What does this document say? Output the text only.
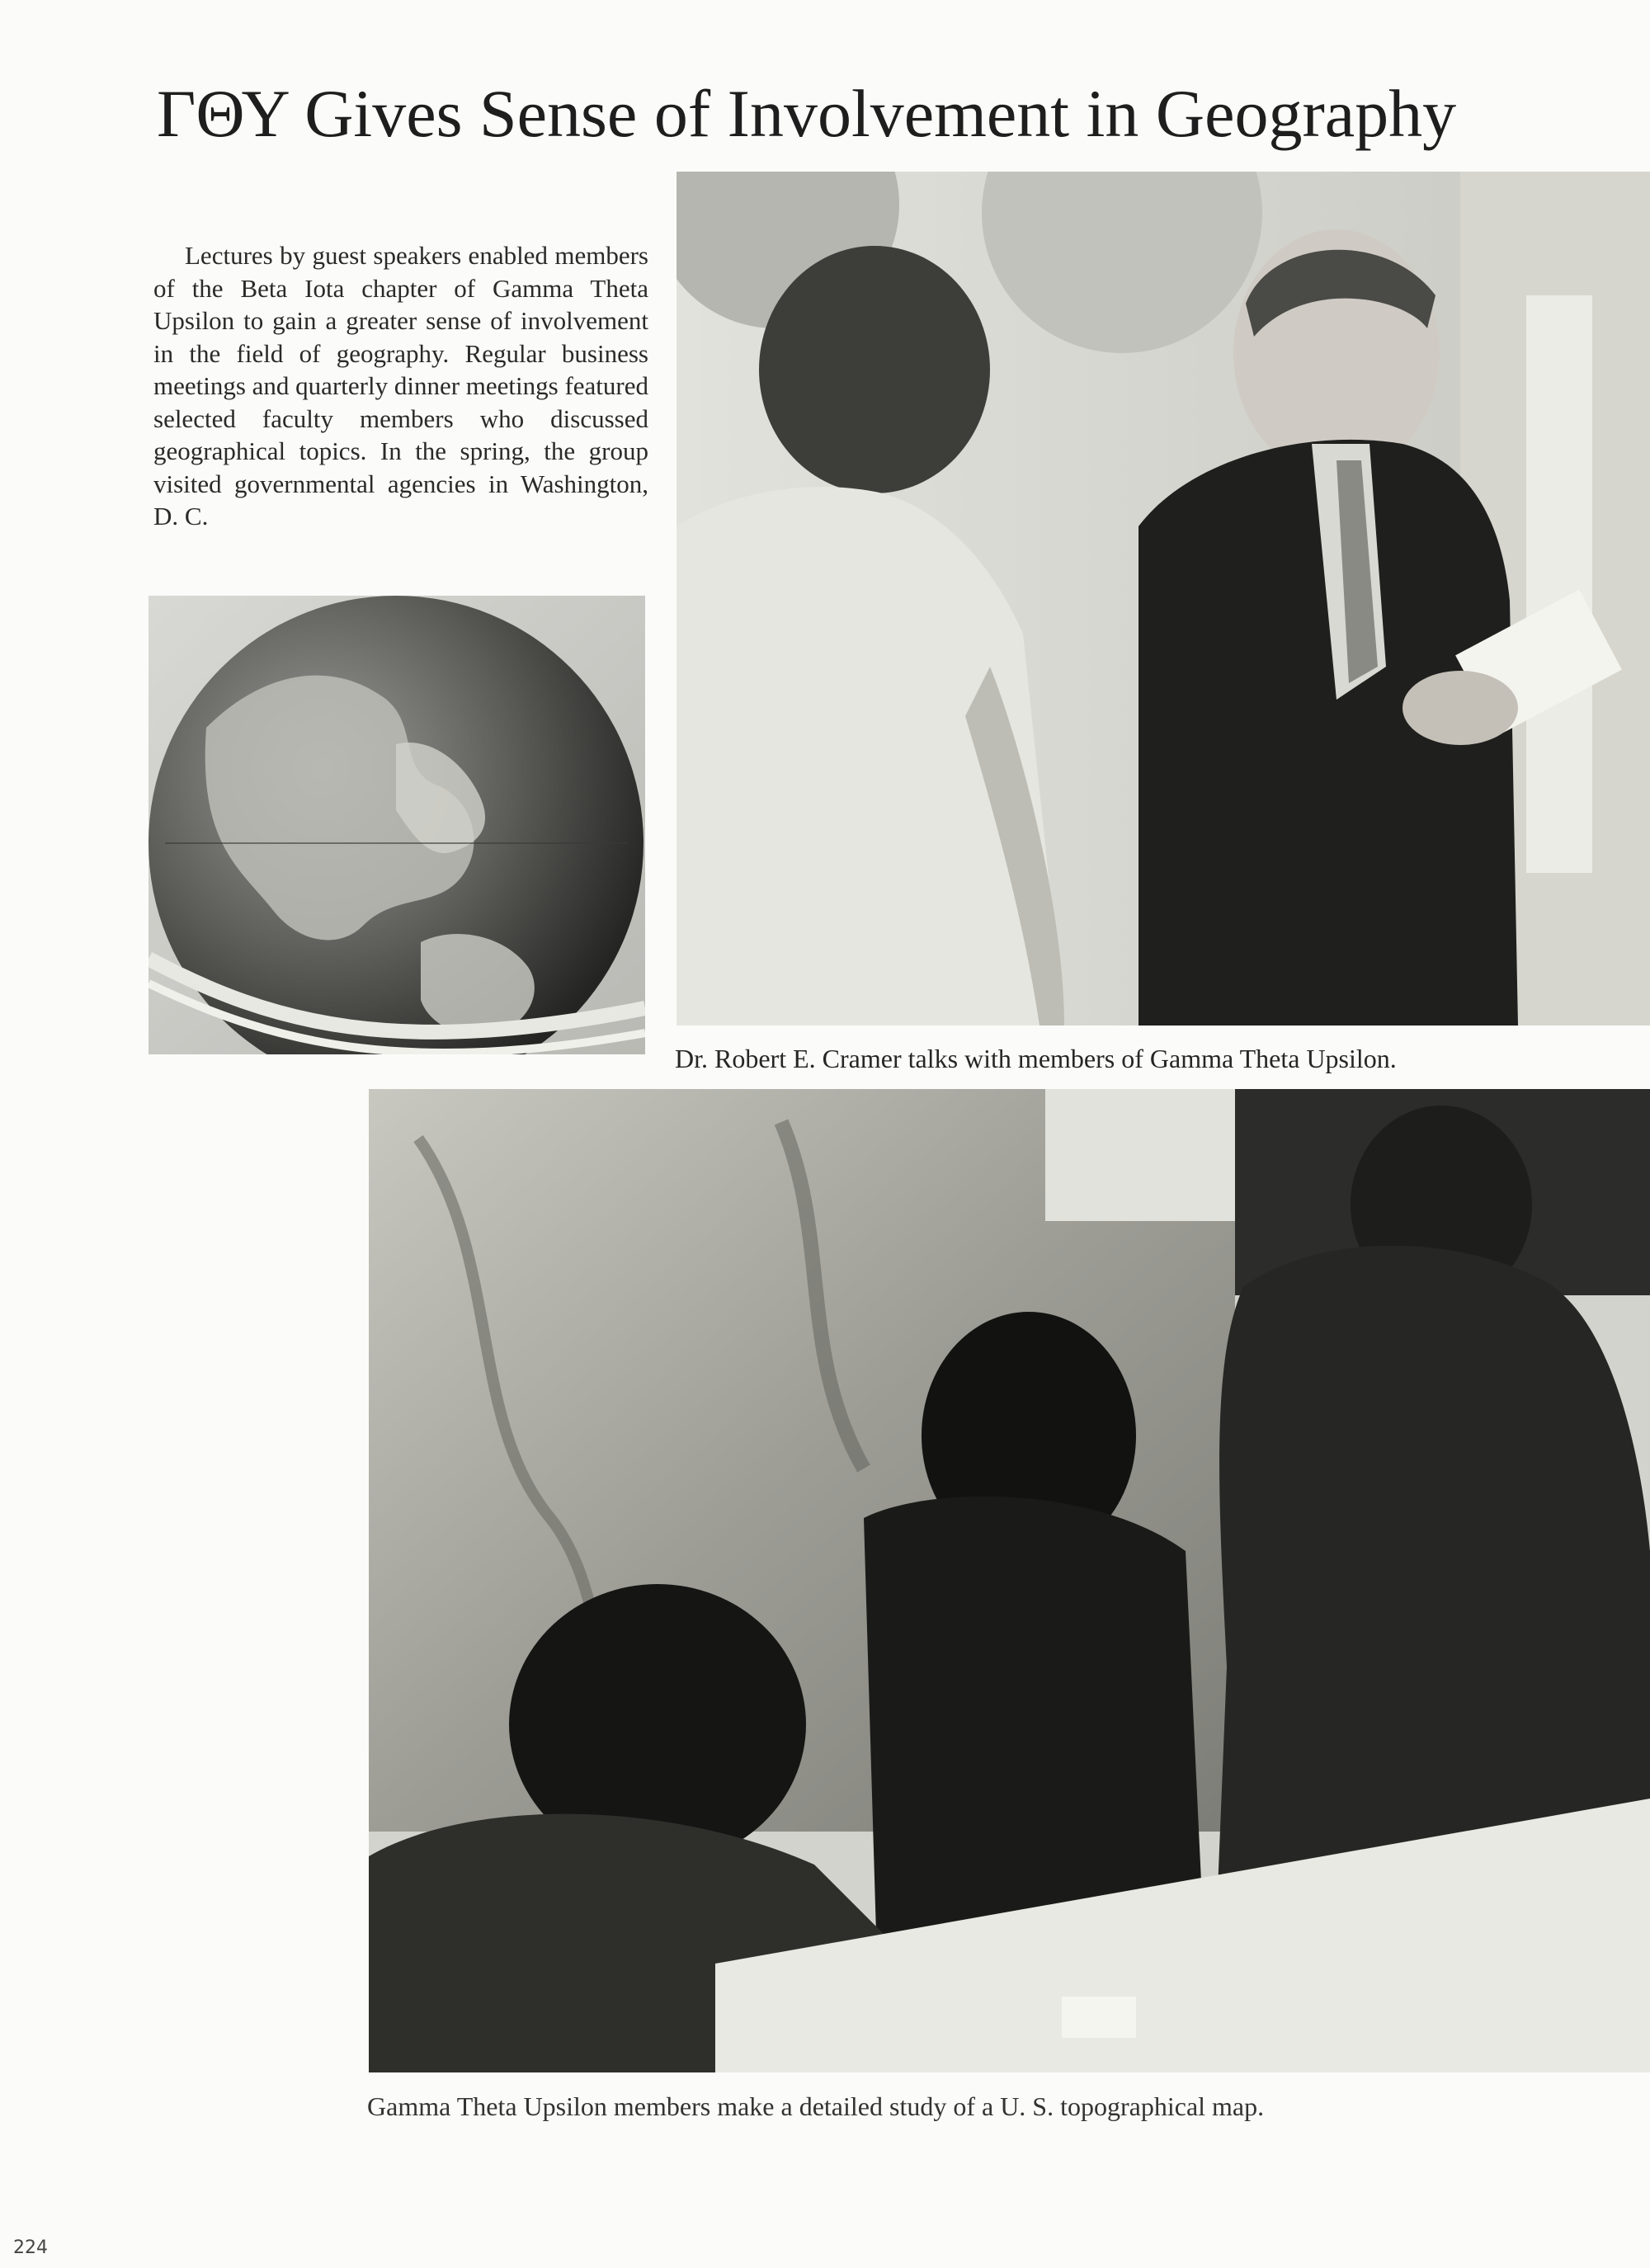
ΓΘΥ Gives Sense of Involvement in Geography

Lectures by guest speakers enabled members of the Beta Iota chapter of Gamma Theta Upsilon to gain a greater sense of involvement in the field of geography. Regular business meetings and quarterly dinner meetings featured selected faculty members who discussed geographical topics. In the spring, the group visited governmental agencies in Washington, D. C.

Dr. Robert E. Cramer talks with members of Gamma Theta Upsilon.

Gamma Theta Upsilon members make a detailed study of a U. S. topographical map.

224
